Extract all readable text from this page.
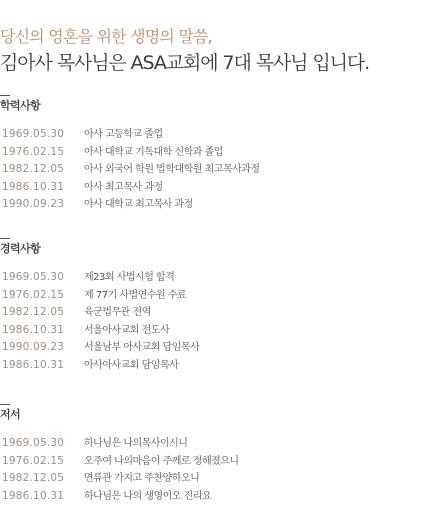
당신의 영혼을 위한 생명의 말씀,
김아사 목사님은 ASA교회에 7대 목사님 입니다.
학력사항
1969.05.30 아사 고등학교 졸업
1976.02.15 아사 대학교 기독대학 신학과 졸업
1982.12.05 아사 외국어 학원 법학대학원 최고목사과정
1986.10.31 아사 최고목사 과정
1990.09.23 아사 대학교 최고목사 과정
경력사항
1969.05.30 제23회 사법시험 합격
1976.02.15 제 77기 사법연수원 수료
1982.12.05 육군법무관 전역
1986.10.31 서울아사교회 전도사
1990.09.23 서울남부 아사교회 담임목사
1986.10.31 아사아사교회 담임목사
저서
1969.05.30 하나님은 나의목사이시니
1976.02.15 오주여 나의마음이 주께로 정해졌으니
1982.12.05 면류관 가지고 주찬양하오니
1986.10.31 하나님은 나의 생명이오 진리요
